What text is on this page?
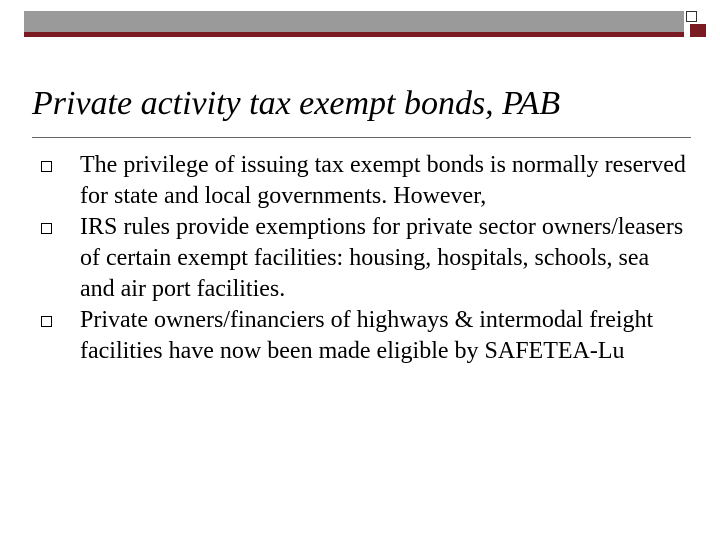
Private activity tax exempt bonds, PAB
The privilege of issuing tax exempt bonds is normally reserved for state and local governments. However,
IRS rules provide exemptions for private sector owners/leasers of certain exempt facilities: housing, hospitals, schools, sea and air port facilities.
Private owners/financiers of highways & intermodal freight facilities have now been made eligible by SAFETEA-Lu
